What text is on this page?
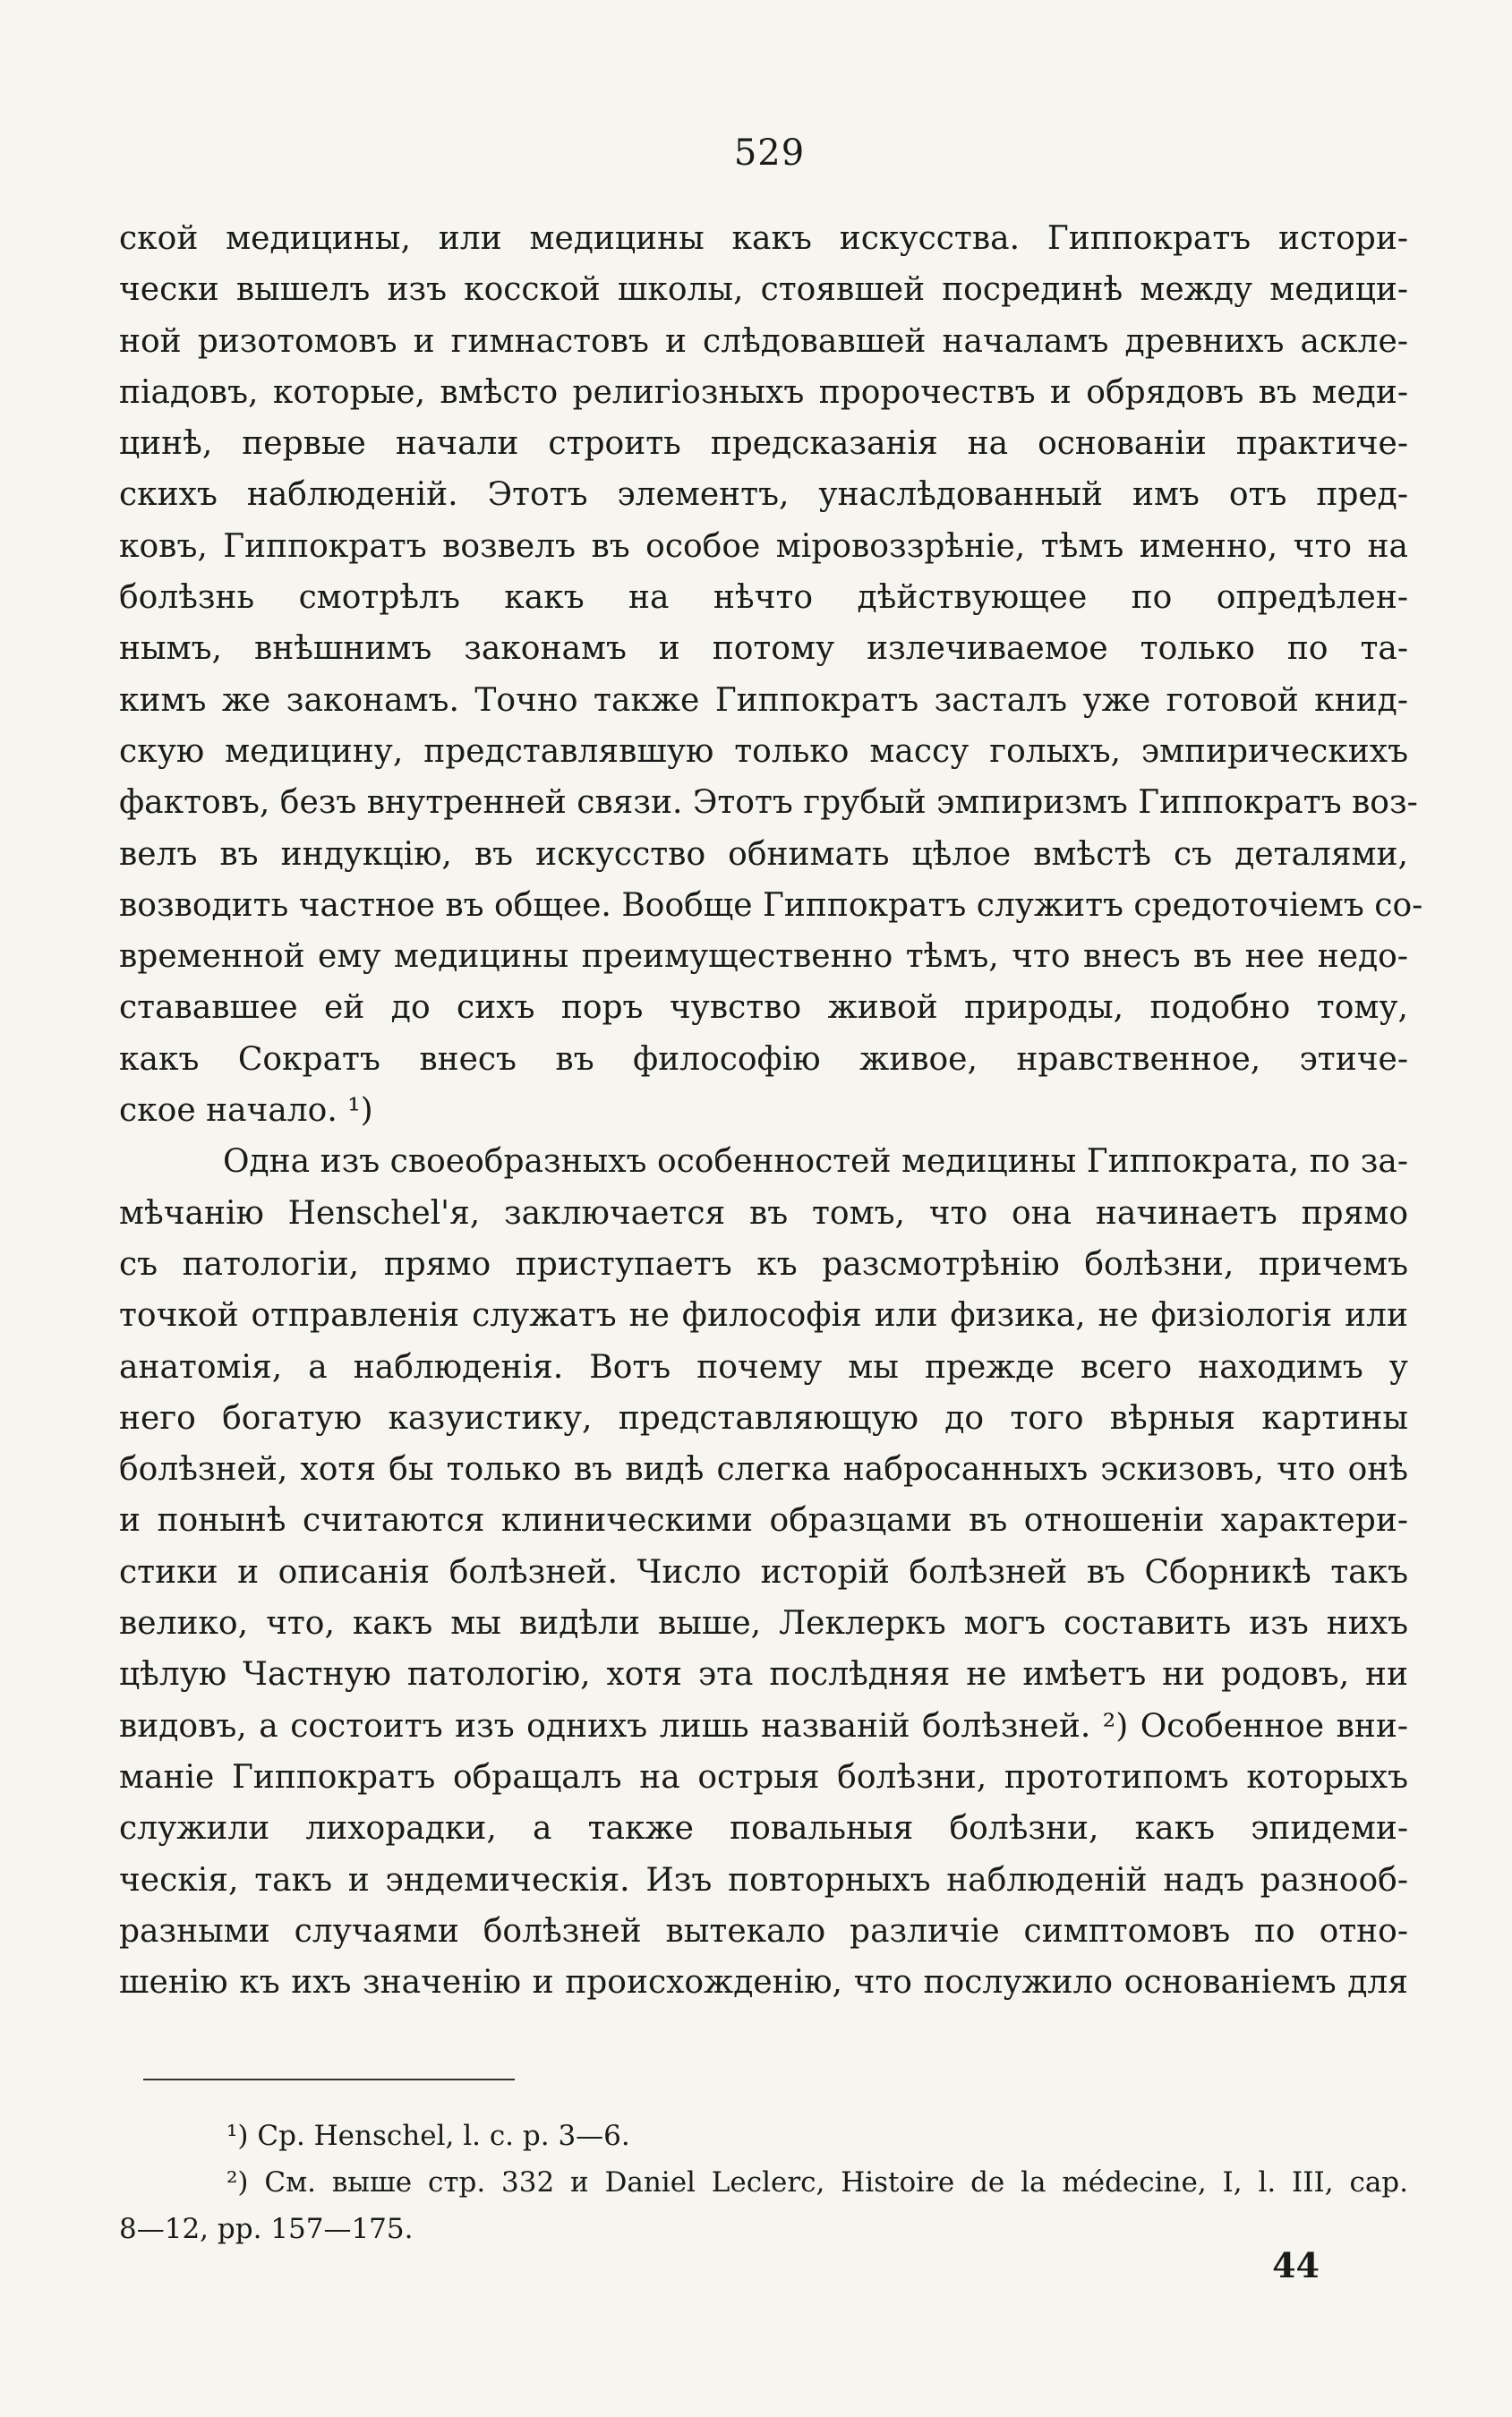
529
ской медицины, или медицины какъ искусства. Гиппократъ истори-
чески вышелъ изъ косской школы, стоявшей посрединѣ между медици-
ной ризотомовъ и гимнастовъ и слѣдовавшей началамъ древнихъ аскле-
піадовъ, которые, вмѣсто религіозныхъ пророчествъ и обрядовъ въ меди-
цинѣ, первые начали строить предсказанія на основаніи практиче-
скихъ наблюденій. Этотъ элементъ, унаслѣдованный имъ отъ пред-
ковъ, Гиппократъ возвелъ въ особое міровоззрѣніе, тѣмъ именно, что на
болѣзнь смотрѣлъ какъ на нѣчто дѣйствующее по опредѣлен-
нымъ, внѣшнимъ законамъ и потому излечиваемое только по та-
кимъ же законамъ. Точно также Гиппократъ засталъ уже готовой книд-
скую медицину, представлявшую только массу голыхъ, эмпирическихъ
фактовъ, безъ внутренней связи. Этотъ грубый эмпиризмъ Гиппократъ воз-
велъ въ индукцію, въ искусство обнимать цѣлое вмѣстѣ съ деталями,
возводить частное въ общее. Вообще Гиппократъ служитъ средоточіемъ со-
временной ему медицины преимущественно тѣмъ, что внесъ въ нее недо-
стававшее ей до сихъ поръ чувство живой природы, подобно тому,
какъ Сократъ внесъ въ философію живое, нравственное, этиче-
ское начало. ¹)
Одна изъ своеобразныхъ особенностей медицины Гиппократа, по за-
мѣчанію Henschel'я, заключается въ томъ, что она начинаетъ прямо
съ патологіи, прямо приступаетъ къ разсмотрѣнію болѣзни, причемъ
точкой отправленія служатъ не философія или физика, не физіологія или
анатомія, а наблюденія. Вотъ почему мы прежде всего находимъ у
него богатую казуистику, представляющую до того вѣрныя картины
болѣзней, хотя бы только въ видѣ слегка набросанныхъ эскизовъ, что онѣ
и понынѣ считаются клиническими образцами въ отношеніи характери-
стики и описанія болѣзней. Число исторій болѣзней въ Сборникѣ такъ
велико, что, какъ мы видѣли выше, Леклеркъ могъ составить изъ нихъ
цѣлую Частную патологію, хотя эта послѣдняя не имѣетъ ни родовъ, ни
видовъ, а состоитъ изъ однихъ лишь названій болѣзней. ²) Особенное вни-
маніе Гиппократъ обращалъ на острыя болѣзни, прототипомъ которыхъ
служили лихорадки, а также повальныя болѣзни, какъ эпидеми-
ческія, такъ и эндемическія. Изъ повторныхъ наблюденій надъ разнооб-
разными случаями болѣзней вытекало различіе симптомовъ по отно-
шенію къ ихъ значенію и происхожденію, что послужило основаніемъ для
¹) Ср. Henschel, l. c. p. 3—6.
²) См. выше стр. 332 и Daniel Leclerc, Histoire de la médecine, I, l. III, cap.
8—12, pp. 157—175.
44
